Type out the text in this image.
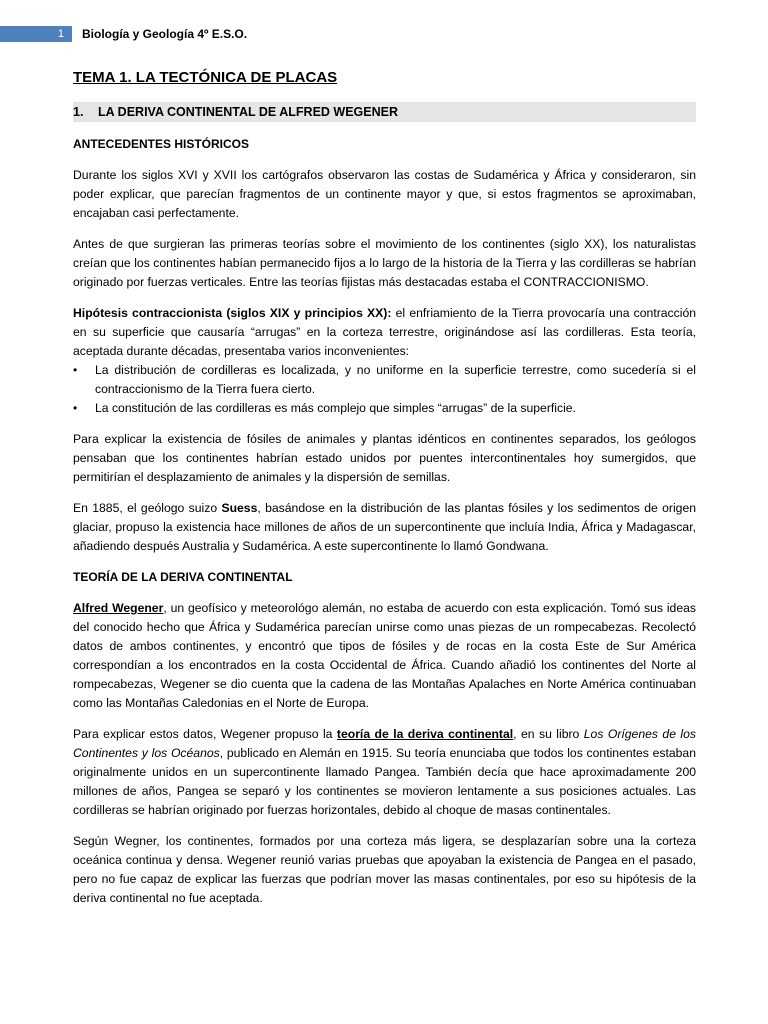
1 Biología y Geología 4º E.S.O.
TEMA 1. LA TECTÓNICA DE PLACAS
1.	LA DERIVA CONTINENTAL DE ALFRED WEGENER
ANTECEDENTES HISTÓRICOS

Durante los siglos XVI y XVII los cartógrafos observaron las costas de Sudamérica y África y consideraron, sin poder explicar, que parecían fragmentos de un continente mayor y que, si estos fragmentos se aproximaban, encajaban casi perfectamente.

Antes de que surgieran las primeras teorías sobre el movimiento de los continentes (siglo XX), los naturalistas creían que los continentes habían permanecido fijos a lo largo de la historia de la Tierra y las cordilleras se habrían originado por fuerzas verticales. Entre las teorías fijistas más destacadas estaba el CONTRACCIONISMO.

Hipótesis contraccionista (siglos XIX y principios XX): el enfriamiento de la Tierra provocaría una contracción en su superficie que causaría “arrugas” en la corteza terrestre, originándose así las cordilleras. Esta teoría, aceptada durante décadas, presentaba varios inconvenientes:

• La distribución de cordilleras es localizada, y no uniforme en la superficie terrestre, como sucedería si el contraccionismo de la Tierra fuera cierto.
• La constitución de las cordilleras es más complejo que simples “arrugas” de la superficie.

Para explicar la existencia de fósiles de animales y plantas idénticos en continentes separados, los geólogos pensaban que los continentes habrían estado unidos por puentes intercontinentales hoy sumergidos, que permitirían el desplazamiento de animales y la dispersión de semillas.

En 1885, el geólogo suizo Suess, basándose en la distribución de las plantas fósiles y los sedimentos de origen glaciar, propuso la existencia hace millones de años de un supercontinente que incluía India, África y Madagascar, añadiendo después Australia y Sudamérica. A este supercontinente lo llamó Gondwana.

TEORÍA DE LA DERIVA CONTINENTAL

Alfred Wegener, un geofísico y meteorológo alemán, no estaba de acuerdo con esta explicación. Tomó sus ideas del conocido hecho que África y Sudamérica parecían unirse como unas piezas de un rompecabezas. Recolectó datos de ambos continentes, y encontró que tipos de fósiles y de rocas en la costa Este de Sur América correspondían a los encontrados en la costa Occidental de África. Cuando añadió los continentes del Norte al rompecabezas, Wegener se dio cuenta que la cadena de las Montañas Apalaches en Norte América continuaban como las Montañas Caledonias en el Norte de Europa.

Para explicar estos datos, Wegener propuso la teoría de la deriva continental, en su libro Los Orígenes de los Continentes y los Océanos, publicado en Alemán en 1915. Su teoría enunciaba que todos los continentes estaban originalmente unidos en un supercontinente llamado Pangea. También decía que hace aproximadamente 200 millones de años, Pangea se separó y los continentes se movieron lentamente a sus posiciones actuales. Las cordilleras se habrían originado por fuerzas horizontales, debido al choque de masas continentales.

Según Wegner, los continentes, formados por una corteza más ligera, se desplazarían sobre una la corteza oceánica continua y densa. Wegener reunió varias pruebas que apoyaban la existencia de Pangea en el pasado, pero no fue capaz de explicar las fuerzas que podrían mover las masas continentales, por eso su hipótesis de la deriva continental no fue aceptada.
